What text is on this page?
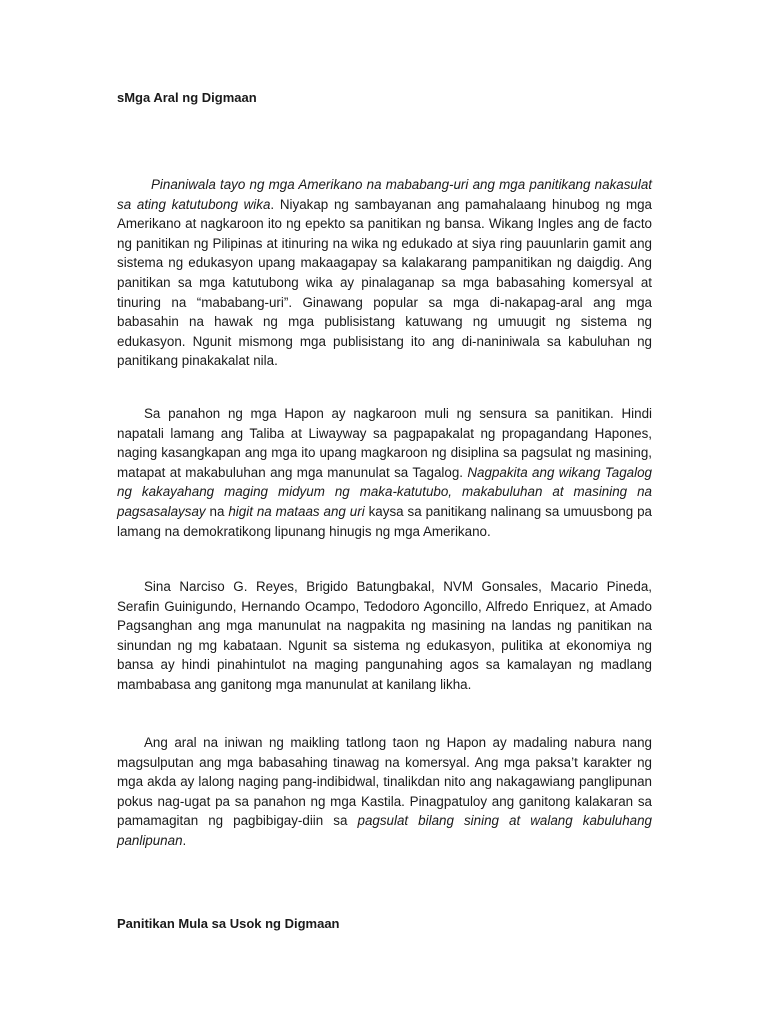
sMga Aral ng Digmaan

Pinaniwala tayo ng mga Amerikano na mababang-uri ang mga panitikang nakasulat sa ating katutubong wika. Niyakap ng sambayanan ang pamahalaang hinubog ng mga Amerikano at nagkaroon ito ng epekto sa panitikan ng bansa. Wikang Ingles ang de facto ng panitikan ng Pilipinas at itinuring na wika ng edukado at siya ring pauunlarin gamit ang sistema ng edukasyon upang makaagapay sa kalakarang pampanitikan ng daigdig. Ang panitikan sa mga katutubong wika ay pinalaganap sa mga babasahing komersyal at tinuring na “mababang-uri”. Ginawang popular sa mga di-nakapag-aral ang mga babasahin na hawak ng mga publisistang katuwang ng umuugit ng sistema ng edukasyon. Ngunit mismong mga publisistang ito ang di-naniniwala sa kabuluhan ng panitikang pinakakalat nila.

Sa panahon ng mga Hapon ay nagkaroon muli ng sensura sa panitikan. Hindi napatali lamang ang Taliba at Liwayway sa pagpapakalat ng propagandang Hapones, naging kasangkapan ang mga ito upang magkaroon ng disiplina sa pagsulat ng masining, matapat at makabuluhan ang mga manunulat sa Tagalog. Nagpakita ang wikang Tagalog ng kakayahang maging midyum ng maka-katutubo, makabuluhan at masining na pagsasalaysay na higit na mataas ang uri kaysa sa panitikang nalinang sa umuusbong pa lamang na demokratikong lipunang hinugis ng mga Amerikano.

Sina Narciso G. Reyes, Brigido Batungbakal, NVM Gonsales, Macario Pineda, Serafin Guinigundo, Hernando Ocampo, Tedodoro Agoncillo, Alfredo Enriquez, at Amado Pagsanghan ang mga manunulat na nagpakita ng masining na landas ng panitikan na sinundan ng mg kabataan. Ngunit sa sistema ng edukasyon, pulitika at ekonomiya ng bansa ay hindi pinahintulot na maging pangunahing agos sa kamalayan ng madlang mambabasa ang ganitong mga manunulat at kanilang likha.

Ang aral na iniwan ng maikling tatlong taon ng Hapon ay madaling nabura nang magsulputan ang mga babasahing tinawag na komersyal. Ang mga paksa’t karakter ng mga akda ay lalong naging pang-indibidwal, tinalikdan nito ang nakagawiang panglipunan pokus nag-ugat pa sa panahon ng mga Kastila. Pinagpatuloy ang ganitong kalakaran sa pamamagitan ng pagbibigay-diin sa pagsulat bilang sining at walang kabuluhang panlipunan.

Panitikan Mula sa Usok ng Digmaan
